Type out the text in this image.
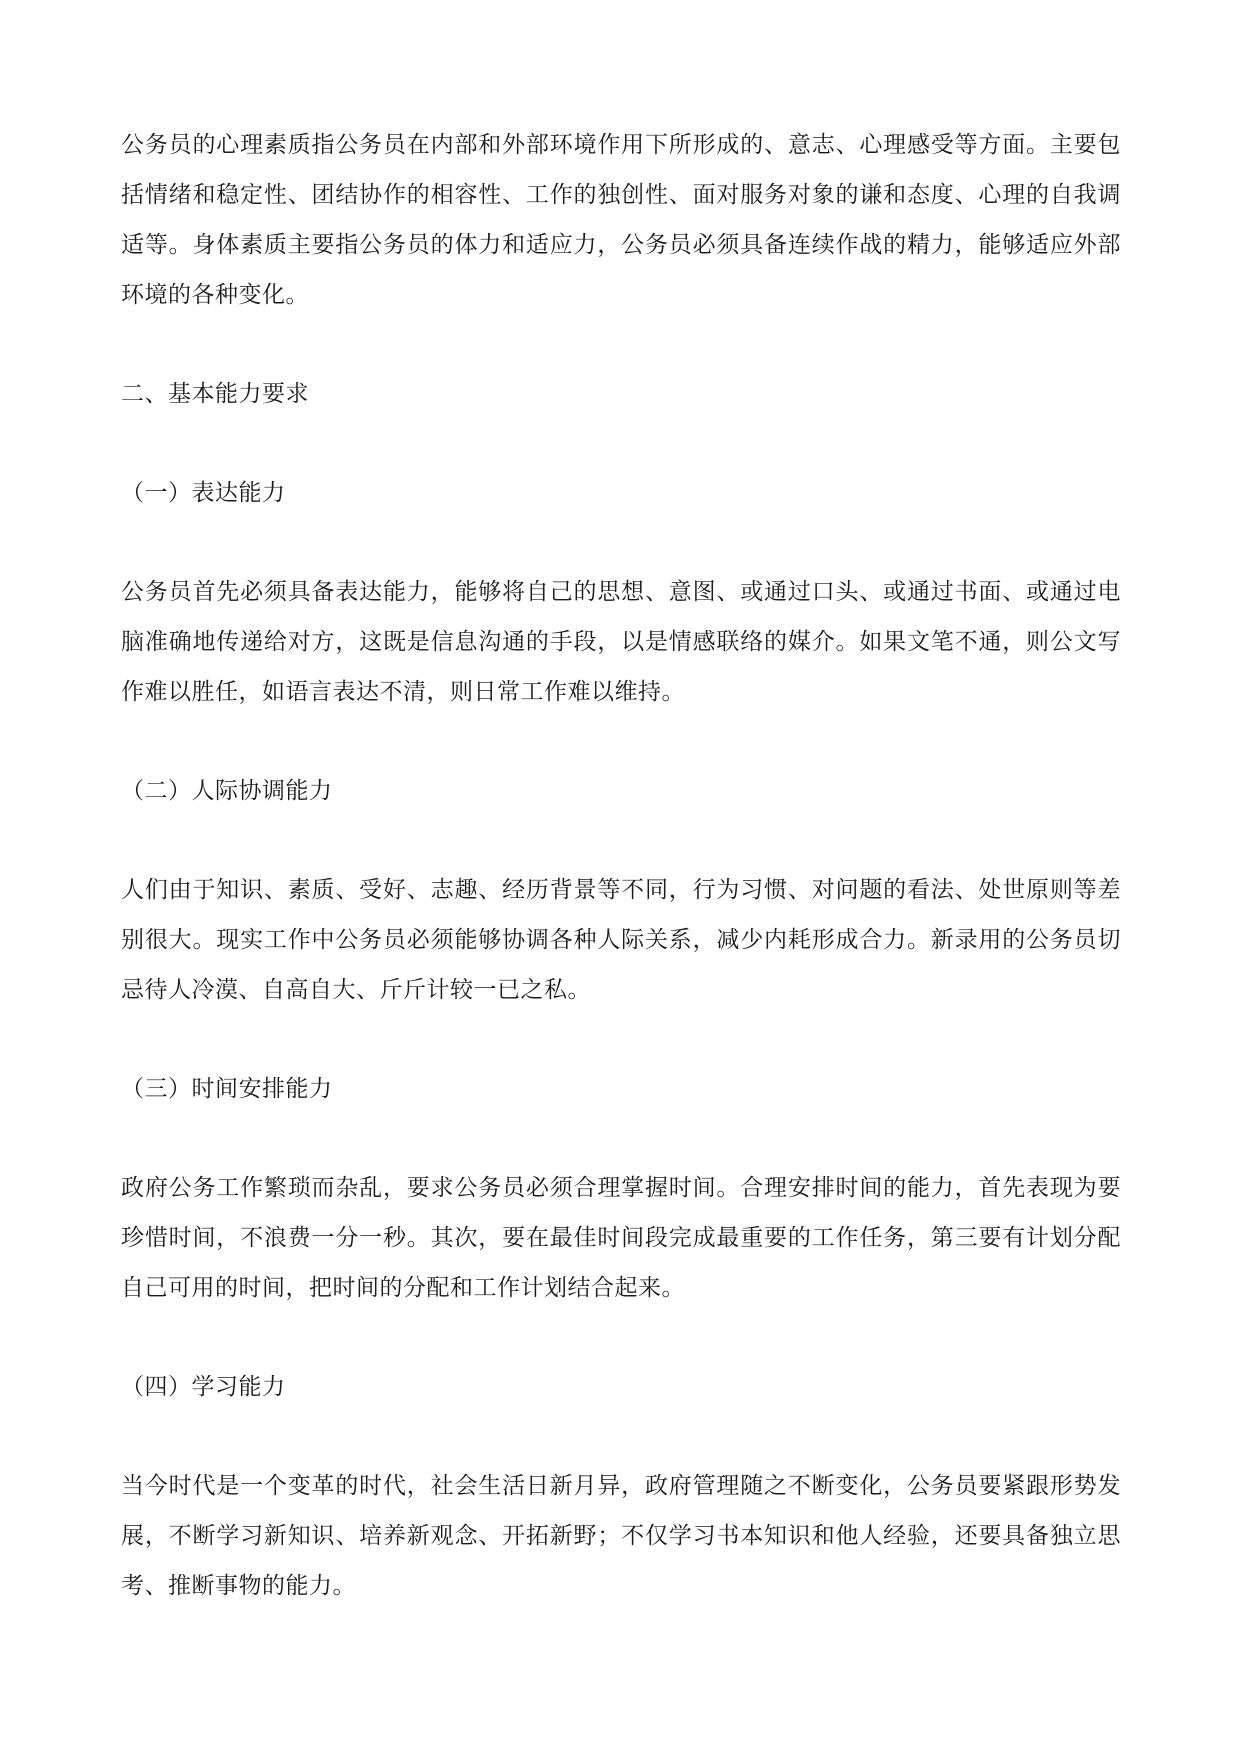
公务员的心理素质指公务员在内部和外部环境作用下所形成的、意志、心理感受等方面。主要包括情绪和稳定性、团结协作的相容性、工作的独创性、面对服务对象的谦和态度、心理的自我调适等。身体素质主要指公务员的体力和适应力，公务员必须具备连续作战的精力，能够适应外部环境的各种变化。

二、基本能力要求

（一）表达能力

公务员首先必须具备表达能力，能够将自己的思想、意图、或通过口头、或通过书面、或通过电脑准确地传递给对方，这既是信息沟通的手段，以是情感联络的媒介。如果文笔不通，则公文写作难以胜任，如语言表达不清，则日常工作难以维持。

（二）人际协调能力

人们由于知识、素质、受好、志趣、经历背景等不同，行为习惯、对问题的看法、处世原则等差别很大。现实工作中公务员必须能够协调各种人际关系，减少内耗形成合力。新录用的公务员切忌待人冷漠、自高自大、斤斤计较一已之私。

（三）时间安排能力

政府公务工作繁琐而杂乱，要求公务员必须合理掌握时间。合理安排时间的能力，首先表现为要珍惜时间，不浪费一分一秒。其次，要在最佳时间段完成最重要的工作任务，第三要有计划分配自己可用的时间，把时间的分配和工作计划结合起来。

（四）学习能力

当今时代是一个变革的时代，社会生活日新月异，政府管理随之不断变化，公务员要紧跟形势发展，不断学习新知识、培养新观念、开拓新野；不仅学习书本知识和他人经验，还要具备独立思考、推断事物的能力。
